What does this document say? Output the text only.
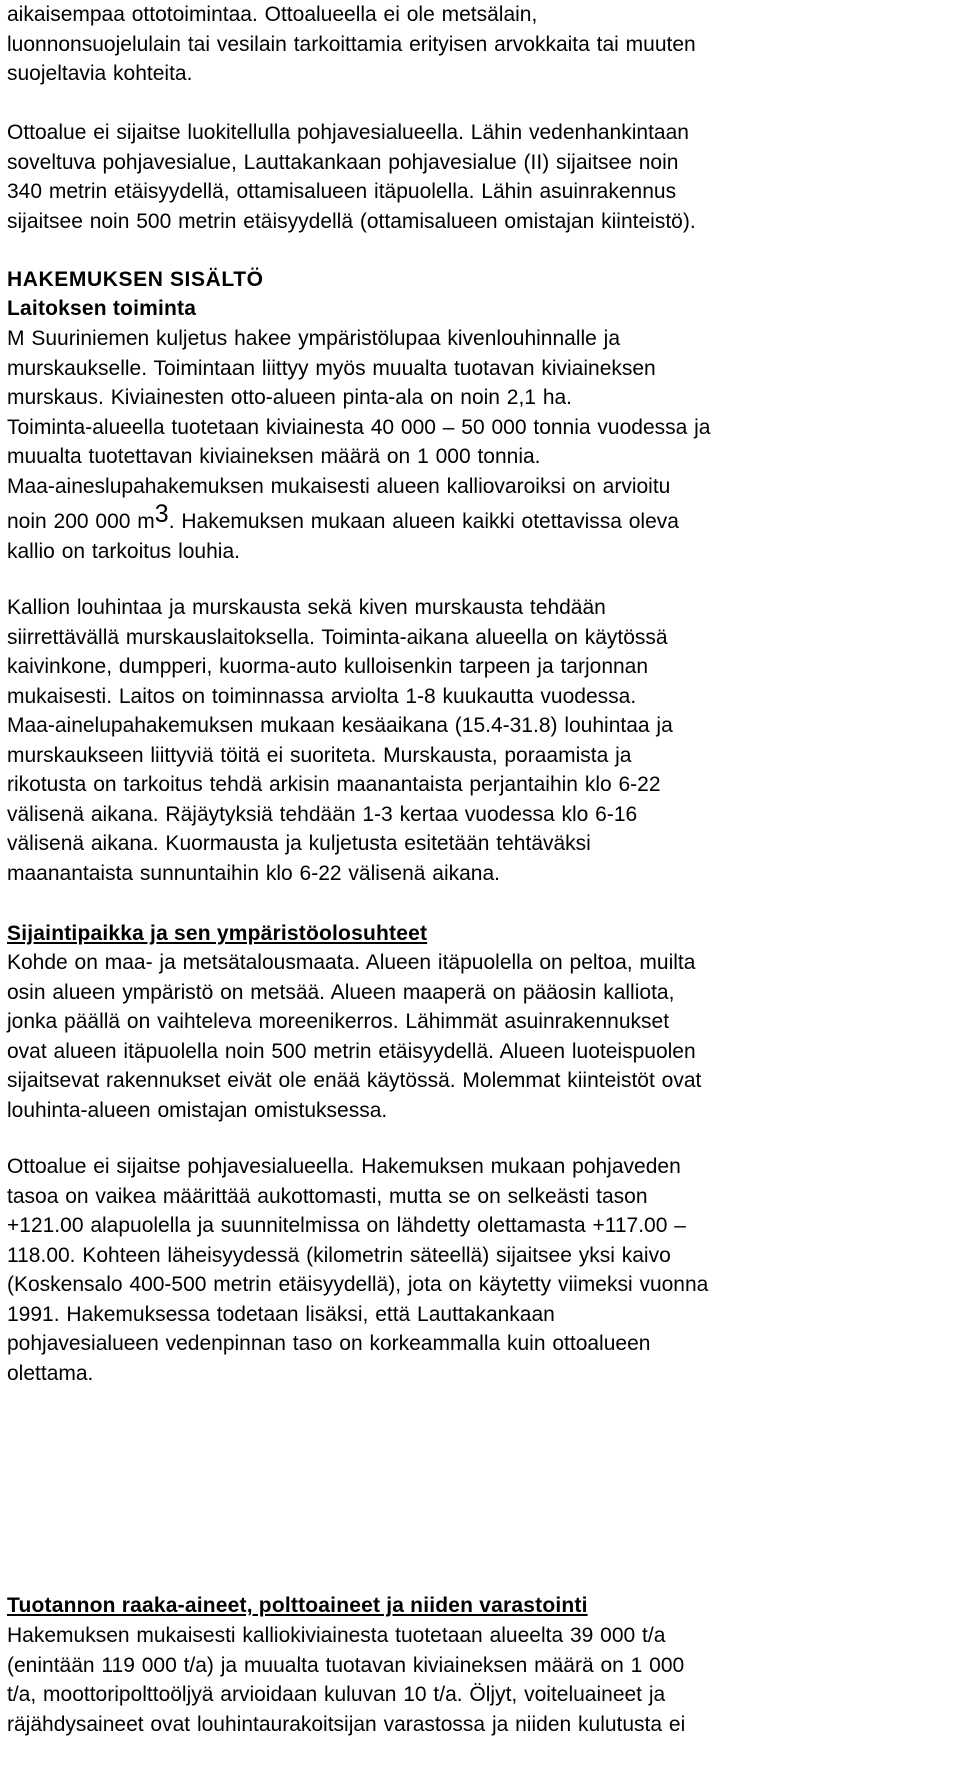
aikaisempaa ottotoimintaa. Ottoalueella ei ole metsälain,
luonnonsuojelulain tai vesilain tarkoittamia erityisen arvokkaita tai muuten
suojeltavia kohteita.

Ottoalue ei sijaitse luokitellulla pohjavesialueella. Lähin vedenhankintaan
soveltuva pohjavesialue, Lauttakankaan pohjavesialue (II) sijaitsee noin
340 metrin etäisyydellä, ottamisalueen itäpuolella. Lähin asuinrakennus
sijaitsee noin 500 metrin etäisyydellä (ottamisalueen omistajan kiinteistö).

HAKEMUKSEN SISÄLTÖ
Laitoksen toiminta

M Suuriniemen kuljetus hakee ympäristölupaa kivenlouhinnalle ja
murskaukselle. Toimintaan liittyy myös muualta tuotavan kiviaineksen
murskaus. Kiviainesten otto-alueen pinta-ala on noin 2,1 ha.
Toiminta-alueella tuotetaan kiviainesta 40 000 – 50 000 tonnia vuodessa ja
muualta tuotettavan kiviaineksen määrä on 1 000 tonnia.
Maa-aineslupahakemuksen mukaisesti alueen kalliovaroiksi on arvioitu
noin 200 000 m3. Hakemuksen mukaan alueen kaikki otettavissa oleva
kallio on tarkoitus louhia.

Kallion louhintaa ja murskausta sekä kiven murskausta tehdään
siirrettävällä murskauslaitoksella. Toiminta-aikana alueella on käytössä
kaivinkone, dumpperi, kuorma-auto kulloisenkin tarpeen ja tarjonnan
mukaisesti. Laitos on toiminnassa arviolta 1-8 kuukautta vuodessa.
Maa-ainelupahakemuksen mukaan kesäaikana (15.4-31.8) louhintaa ja
murskaukseen liittyviä töitä ei suoriteta. Murskausta, poraamista ja
rikotusta on tarkoitus tehdä arkisin maanantaista perjantaihin klo 6-22
välisenä aikana. Räjäytyksiä tehdään 1-3 kertaa vuodessa klo 6-16
välisenä aikana. Kuormausta ja kuljetusta esitetään tehtäväksi
maanantaista sunnuntaihin klo 6-22 välisenä aikana.

Sijaintipaikka ja sen ympäristöolosuhteet

Kohde on maa- ja metsätalousmaata. Alueen itäpuolella on peltoa, muilta
osin alueen ympäristö on metsää. Alueen maaperä on pääosin kalliota,
jonka päällä on vaihteleva moreenikerros. Lähimmät asuinrakennukset
ovat alueen itäpuolella noin 500 metrin etäisyydellä. Alueen luoteispuolen
sijaitsevat rakennukset eivät ole enää käytössä. Molemmat kiinteistöt ovat
louhinta-alueen omistajan omistuksessa.

Ottoalue ei sijaitse pohjavesialueella. Hakemuksen mukaan pohjaveden
tasoa on vaikea määrittää aukottomasti, mutta se on selkeästi tason
+121.00 alapuolella ja suunnitelmissa on lähdetty olettamasta +117.00 –
118.00. Kohteen läheisyydessä (kilometrin säteellä) sijaitsee yksi kaivo
(Koskensalo 400-500 metrin etäisyydellä), jota on käytetty viimeksi vuonna
1991. Hakemuksessa todetaan lisäksi, että Lauttakankaan
pohjavesialueen vedenpinnan taso on korkeammalla kuin ottoalueen
olettama.

Tuotannon raaka-aineet, polttoaineet ja niiden varastointi

Hakemuksen mukaisesti kalliokiviainesta tuotetaan alueelta 39 000 t/a
(enintään 119 000 t/a) ja muualta tuotavan kiviaineksen määrä on 1 000
t/a, moottoripolttoöljyä arvioidaan kuluvan 10 t/a. Öljyt, voiteluaineet ja
räjähdysaineet ovat louhintaurakoitsijan varastossa ja niiden kulutusta ei
